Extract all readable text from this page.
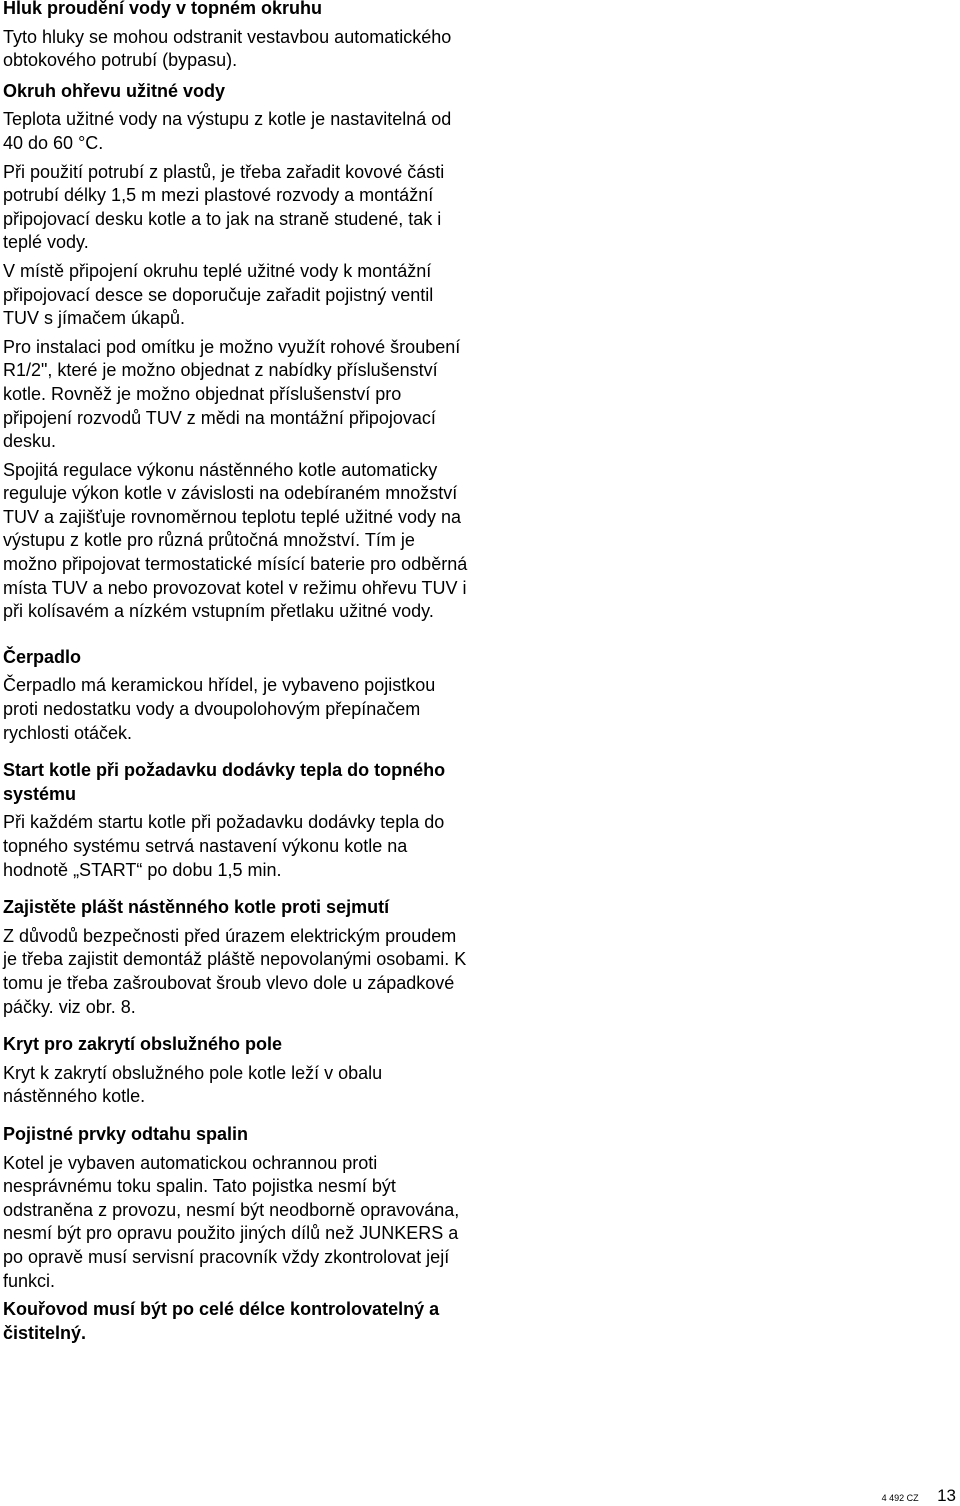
Hluk proudění vody v topném okruhu

Tyto hluky se mohou odstranit vestavbou automatického obtokového potrubí (bypasu).

Okruh ohřevu užitné vody

Teplota užitné vody na výstupu z kotle je nastavitelná od 40 do 60 °C.

Při použití potrubí z plastů, je třeba zařadit kovové části potrubí délky 1,5 m mezi plastové rozvody a montážní připojovací desku kotle a to jak na straně studené, tak i teplé vody.

V místě připojení okruhu teplé užitné vody k montážní připojovací desce se doporučuje zařadit pojistný ventil TUV s jímačem úkapů.

Pro instalaci pod omítku je možno využít rohové šroubení R1/2", které je možno objednat z nabídky příslušenství kotle. Rovněž je možno objednat příslušenství pro připojení rozvodů TUV z mědi na montážní připojovací desku.

Spojitá regulace výkonu nástěnného kotle automaticky reguluje výkon kotle v závislosti na odebíraném množství TUV a zajišťuje rovnoměrnou teplotu teplé užitné vody na výstupu z kotle pro různá průtočná množství. Tím je možno připojovat termostatické mísící baterie pro odběrná místa TUV a nebo provozovat kotel v režimu ohřevu TUV i při kolísavém a nízkém vstupním přetlaku užitné vody.

Čerpadlo

Čerpadlo má keramickou hřídel, je vybaveno pojistkou proti nedostatku vody a dvoupolohovým přepínačem rychlosti otáček.

Start kotle při požadavku dodávky tepla do topného systému

Při každém startu kotle při požadavku dodávky tepla do topného systému setrvá nastavení výkonu kotle na hodnotě „START“ po dobu 1,5 min.

Zajistěte plášt nástěnného kotle proti sejmutí

Z důvodů bezpečnosti před úrazem elektrickým proudem je třeba zajistit demontáž pláště nepovolanými osobami. K tomu je třeba zašroubovat šroub vlevo dole u západkové páčky. viz obr. 8.

Kryt pro zakrytí obslužného pole

Kryt k zakrytí obslužného pole kotle leží v obalu nástěnného kotle.

Pojistné prvky odtahu spalin

Kotel je vybaven automatickou ochrannou proti nesprávnému toku spalin. Tato pojistka nesmí být odstraněna z provozu, nesmí být neodborně opravována, nesmí být pro opravu použito jiných dílů než JUNKERS a po opravě musí servisní pracovník vždy zkontrolovat její funkci.

Kouřovod musí být po celé délce kontrolovatelný a čistitelný.
4 492 CZ 13
